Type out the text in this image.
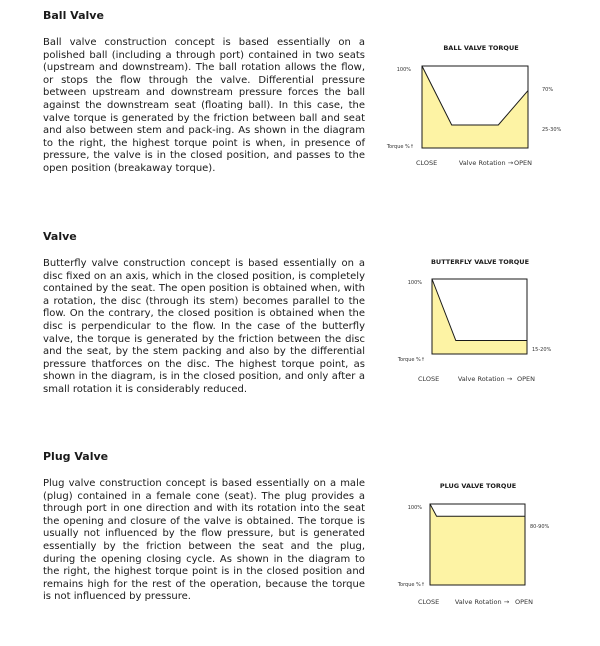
Ball Valve

Ball valve construction concept is based essentially on a polished ball (including a through port) contained in two seats (upstream and downstream). The ball rotation allows the flow, or stops the flow through the valve. Differential pressure between upstream and downstream pressure forces the ball against the downstream seat (floating ball). In this case, the valve torque is generated by the friction between ball and seat and also between stem and pack-ing. As shown in the diagram to the right, the highest torque point is when, in presence of pressure, the valve is in the closed position, and passes to the open position (breakaway torque).

BALL VALVE TORQUE
100%
Torque %↑
70%
25-30%
CLOSE	Valve Rotation → OPEN
Valve

Butterfly valve construction concept is based essentially on a disc fixed on an axis, which in the closed position, is completely contained by the seat. The open position is obtained when, with a rotation, the disc (through its stem) becomes parallel to the flow. On the contrary, the closed position is obtained when the disc is perpendicular to the flow. In the case of the butterfly valve, the torque is generated by the friction between the disc and the seat, by the stem packing and also by the differential pressure thatforces on the disc. The highest torque point, as shown in the diagram, is in the closed position, and only after a small rotation it is considerably reduced.

BUTTERFLY VALVE TORQUE
100%
Torque %↑
15-20%
CLOSE	Valve Rotation → OPEN
Plug Valve

Plug valve construction concept is based essentially on a male (plug) contained in a female cone (seat). The plug provides a through port in one direction and with its rotation into the seat the opening and closure of the valve is obtained. The torque is usually not influenced by the flow pressure, but is generated essentially by the friction between the seat and the plug, during the opening closing cycle. As shown in the diagram to the right, the highest torque point is in the closed position and remains high for the rest of the operation, because the torque is not influenced by pressure.

PLUG VALVE TORQUE
100%
Torque %↑
80-90%
CLOSE Valve Rotation → OPEN
